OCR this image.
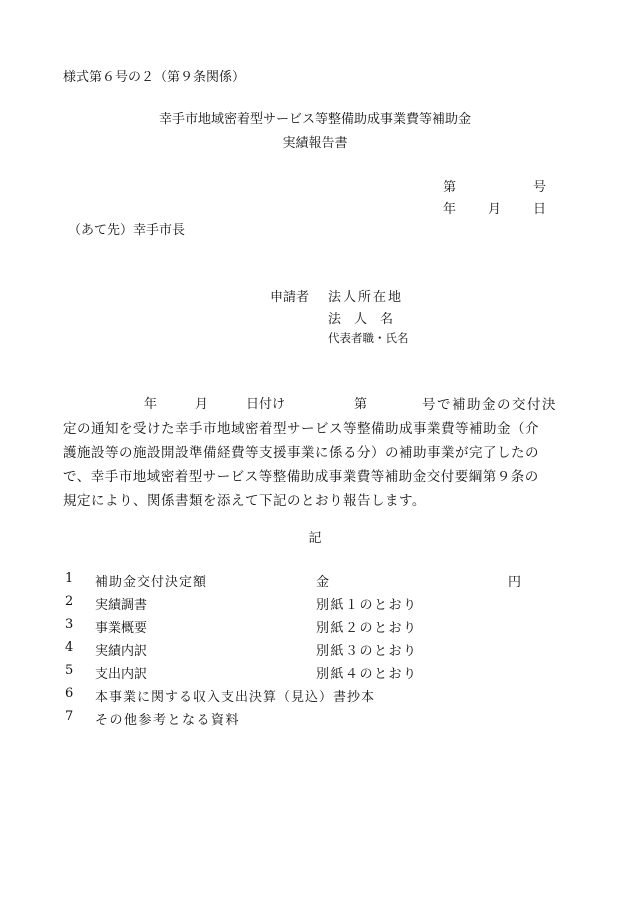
様式第６号の２（第９条関係）
幸手市地域密着型サービス等整備助成事業費等補助金
実績報告書
第	号
年 月 日
（あて先）幸手市長
申請者 法人所在地
法　人　名
代表者職・氏名
年	月	日付け	第	号で補助金の交付決
定の通知を受けた幸手市地域密着型サービス等整備助成事業費等補助金（介
護施設等の施設開設準備経費等支援事業に係る分）の補助事業が完了したの
で、幸手市地域密着型サービス等整備助成事業費等補助金交付要綱第９条の
規定により、関係書類を添えて下記のとおり報告します。
記
1 補助金交付決定額	金	円
2 実績調書	別紙１のとおり
3 事業概要	別紙２のとおり
4 実績内訳	別紙３のとおり
5 支出内訳	別紙４のとおり
6 本事業に関する収入支出決算（見込）書抄本
7 その他参考となる資料
